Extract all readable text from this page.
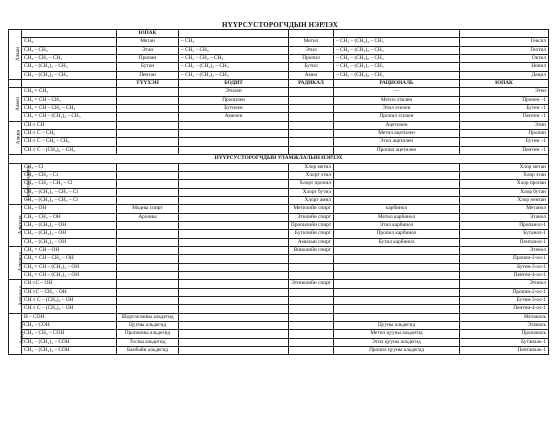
НҮҮРСУСТОРОГЧДЫН НЭРЛЭХ
Алкан		ЮПАК				
	CH₄	Метан	– CH₃	Метил	– CH₂ – (CH₂)₄ – CH₃	Гексил
	CH₃ – CH₃	Этан	– CH₂ – CH₃	Этил	– CH₂ – (CH₂)₅ – CH₃	Гептил
	CH₃ – CH₂ – CH₃	Пропан	– CH₂ – CH₂ – CH₃	Пропил	– CH₂ – (CH₂)₆ – CH₃	Октил
	CH₃ – (CH₂)₂ – CH₃	Бутан	– CH₂ – (CH₂)₂ – CH₃	Бутил	– CH₂ – (CH₂)₇ – CH₃	Нонил
	CH₃ – (CH₂)₃ – CH₃	Пентан	– CH₂ – (CH₂)₃ – CH₃	Амил	– CH₂ – (CH₂)₈ – CH₃	Децил
		ТҮҮХЭН	БОДИТ	РАДИКАЛ	РАЦИОНАЛЬ	ЮПАК
Алкен	CH₂ = CH₂		Этилен		—	Этен
	CH₂ = CH – CH₃		Пропилен		Метил этилен	Пропен –1
	CH₂ = CH – CH₂ – CH₃		Бутилен		Этил этилен	Бутен –1
	CH₂ = CH – (CH₂)₂ – CH₃		Амилен		Пропил этилен	Пентен –1
Алкин	CH ≡ CH				Ацетилен	Этин
	CH ≡ C – CH₃				Метил ацетилен	Пропин
	CH ≡ C – CH₂ – CH₃				Этил ацетилен	Бутин –1
	CH ≡ C – (CH₂)₂ – CH₃				Пропил ацетилен	Пентин –1
НҮҮРСУСТОРОГЧДЫН УЛАМЖЛАЛЫН НЭРЛЭХ						
Галогент алкил	CH₃ – Cl			Хлор метил		Хлор метан
	CH₃ – CH₂ – Cl			Хлорт этил		Хлор этан
	CH₃ – CH₂ – CH₂ – Cl			Хлорт пропил		Хлор пропан
	CH₃ – (CH₂)₂ – CH₂ – Cl			Хлорт бутил		Хлор бутан
	CH₃ – (CH₂)₃ – CH₂ – Cl			Хлорт амил		Хлор пентан
Алкохол	CH₃ – OH	Модны спирт		Метилийн спирт	карбинол	Метанол
	CH₃ – CH₂ – OH	Архины		Этилийн спирт	Метил карбинол	Этанол
	CH₃ – (CH₂)₂ – OH			Пропилийн спирт	Этил карбинол	Пропанол-1
	CH₃ – (CH₂)₃ – OH			Бутилийн спирт	Пропил карбинол	Бутанол-1
	CH₃ – (CH₂)₄ – OH			Амилын спирт	Бутил карбинол	Пентанол-1
Алкенол	CH₂ = CH – OH			Винилийн спирт		Этенол
	CH₂ = CH – CH₂ – OH					Пропен-2-ол-1
	CH₂ = CH – (CH₂)₂ – OH					Бутен-3-ол-1
	CH₂ = CH – (CH₂)₃ – OH					Пентен-4-ол-1
Алкинол	CH ≡C – OH			Этинилийн спирт		Этинол
	CH ≡C – CH₂ – OH					Пропин-2-ол-1
	CH ≡ C – (CH₂)₂ – OH					Бутин-3-ол-1
	CH ≡ C – (CH₂)₃ – OH					Пентин-4-ол-1
Альдегид	H – COH	Шоргоолжны альдегид				Метаналь
	CH₃ – COH	Цууны альдегид			Цууны альдегид	Этаналь
	CH₃ – CH₂ – COH	Пропионы альдегид			Метил цууны альдегид	Пропаналь
	CH₃ – (CH₂)₂ – COH	Тосны альдегид			Этил цууны альдегид	Бутаналь-1
	CH₃ – (CH₂)₃ – COH	Бамбайн альдегид			Пропил цууны альдегид	Пентаналь-1
